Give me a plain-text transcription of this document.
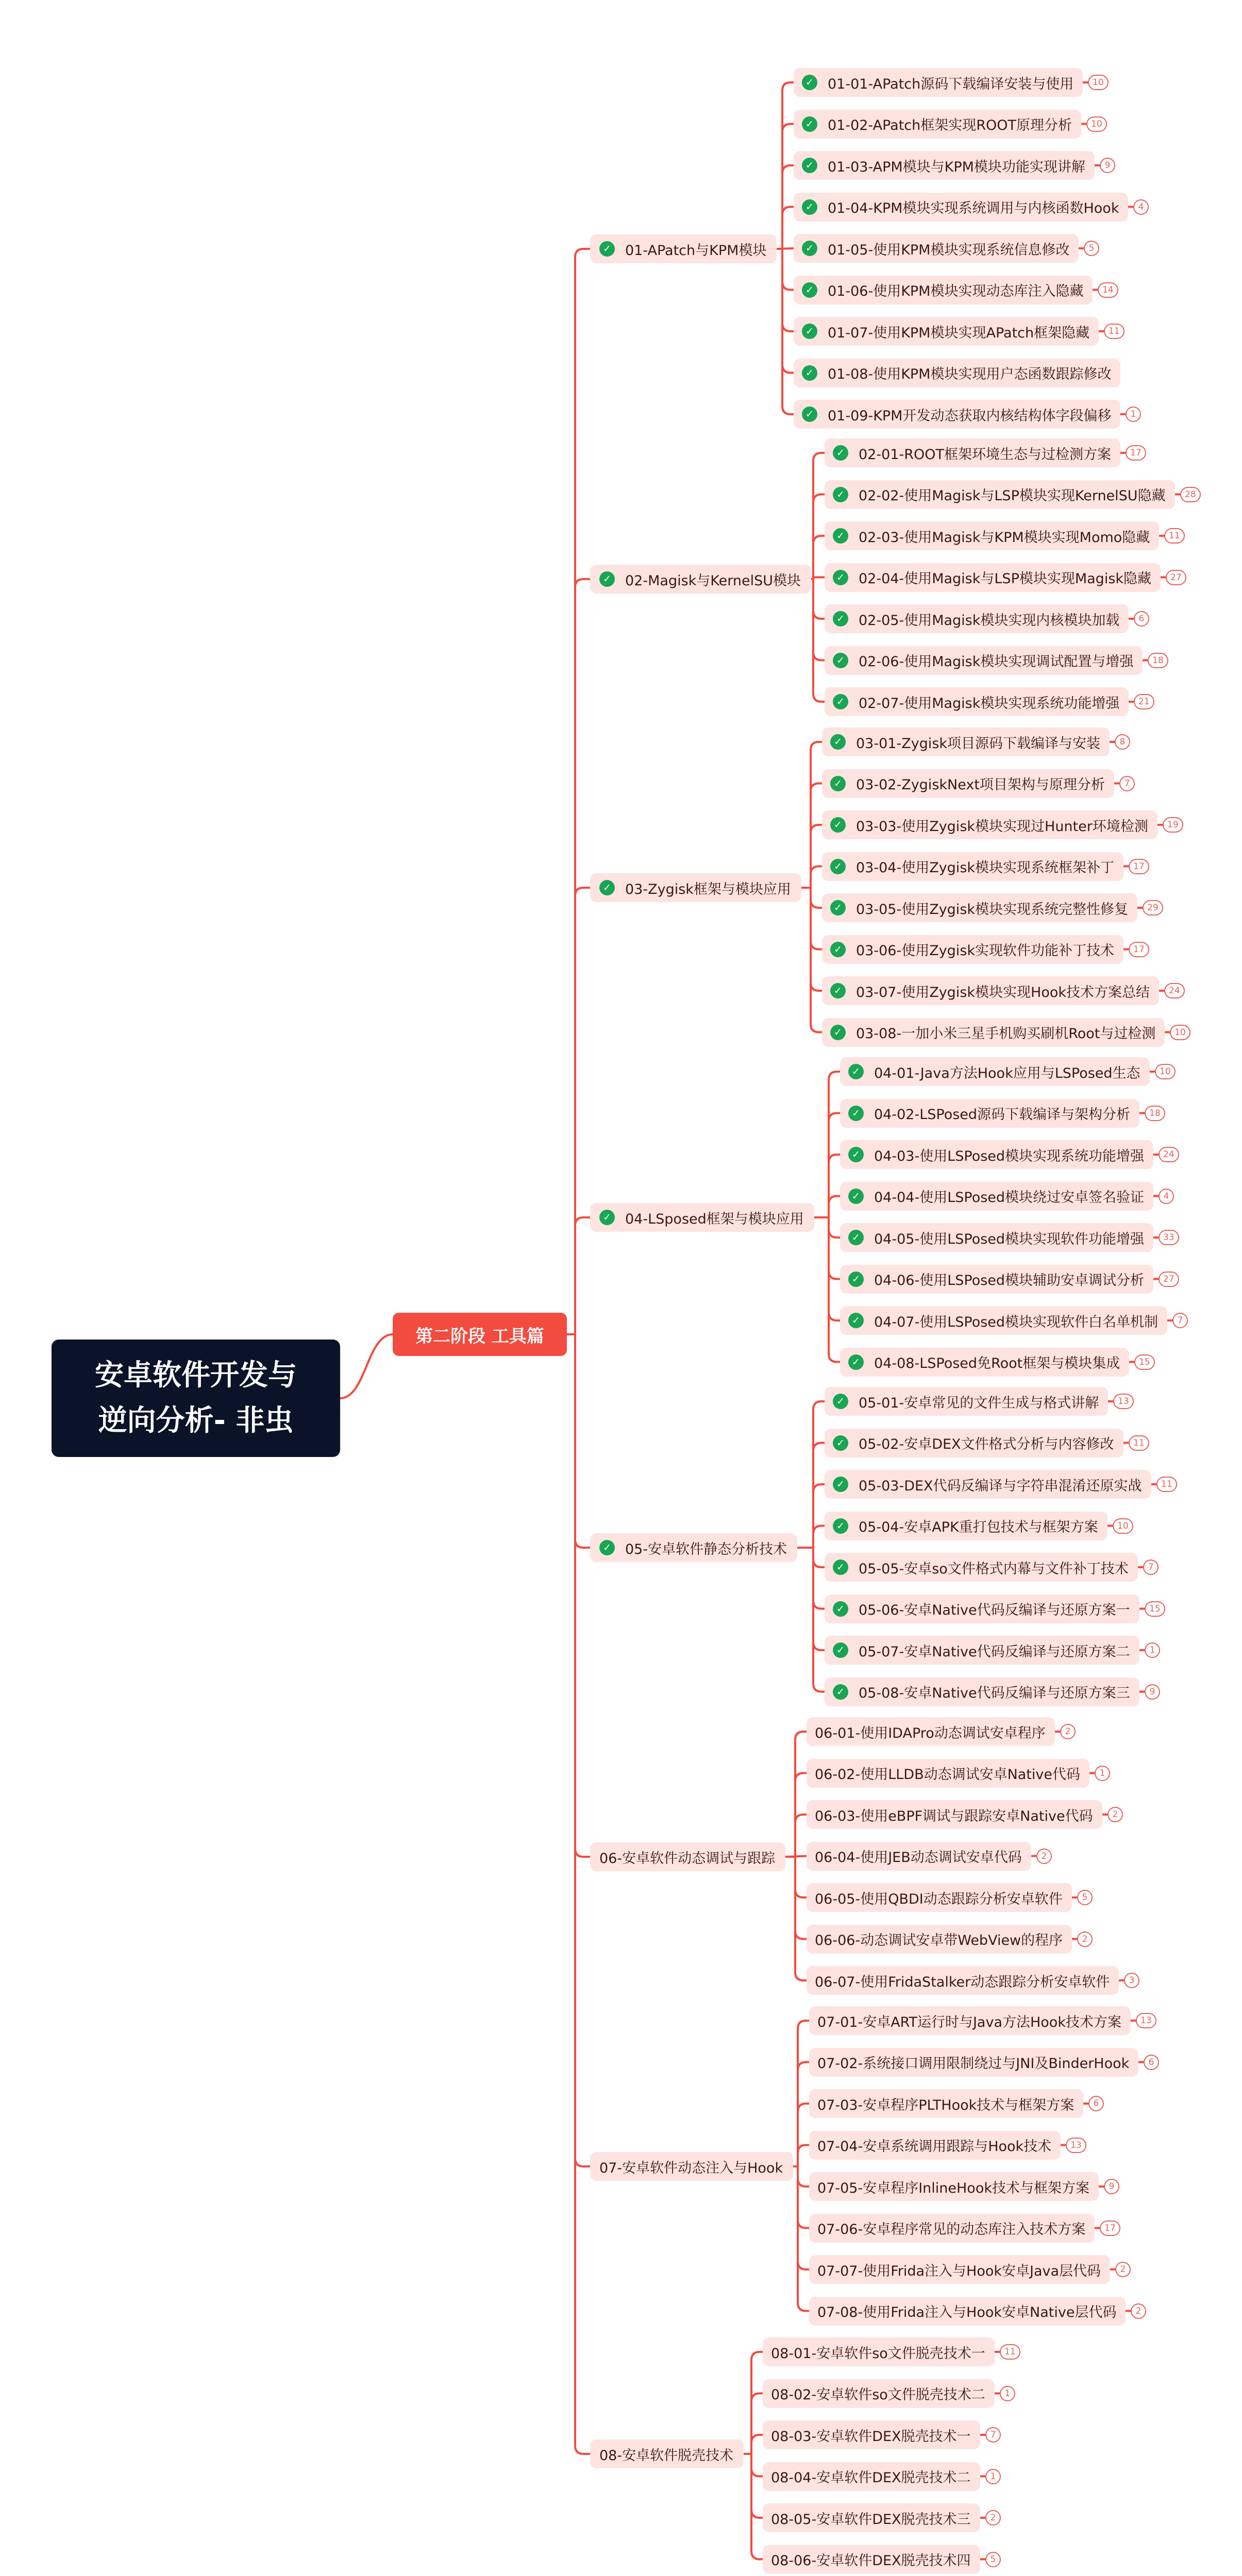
安卓软件开发与
逆向分析- 非虫
第二阶段 工具篇
✓ 01-APatch与KPM模块
✓ 01-01-APatch源码下载编译安装与使用	10
✓ 01-02-APatch框架实现ROOT原理分析	10
✓ 01-03-APM模块与KPM模块功能实现讲解	9
✓ 01-04-KPM模块实现系统调用与内核函数Hook	4
✓ 01-05-使用KPM模块实现系统信息修改	5
✓ 01-06-使用KPM模块实现动态库注入隐藏	14
✓ 01-07-使用KPM模块实现APatch框架隐藏	11
✓ 01-08-使用KPM模块实现用户态函数跟踪修改
✓ 01-09-KPM开发动态获取内核结构体字段偏移	1
✓ 02-Magisk与KernelSU模块
✓ 02-01-ROOT框架环境生态与过检测方案	17
✓ 02-02-使用Magisk与LSP模块实现KernelSU隐藏	28
✓ 02-03-使用Magisk与KPM模块实现Momo隐藏	11
✓ 02-04-使用Magisk与LSP模块实现Magisk隐藏	27
✓ 02-05-使用Magisk模块实现内核模块加载	6
✓ 02-06-使用Magisk模块实现调试配置与增强	18
✓ 02-07-使用Magisk模块实现系统功能增强	21
✓ 03-Zygisk框架与模块应用
✓ 03-01-Zygisk项目源码下载编译与安装	8
✓ 03-02-ZygiskNext项目架构与原理分析	7
✓ 03-03-使用Zygisk模块实现过Hunter环境检测	19
✓ 03-04-使用Zygisk模块实现系统框架补丁	17
✓ 03-05-使用Zygisk模块实现系统完整性修复	29
✓ 03-06-使用Zygisk实现软件功能补丁技术	17
✓ 03-07-使用Zygisk模块实现Hook技术方案总结	24
✓ 03-08-一加小米三星手机购买刷机Root与过检测	10
✓ 04-LSposed框架与模块应用
✓ 04-01-Java方法Hook应用与LSPosed生态	10
✓ 04-02-LSPosed源码下载编译与架构分析	18
✓ 04-03-使用LSPosed模块实现系统功能增强	24
✓ 04-04-使用LSPosed模块绕过安卓签名验证	4
✓ 04-05-使用LSPosed模块实现软件功能增强	33
✓ 04-06-使用LSPosed模块辅助安卓调试分析	27
✓ 04-07-使用LSPosed模块实现软件白名单机制	7
✓ 04-08-LSPosed免Root框架与模块集成	15
✓ 05-安卓软件静态分析技术
✓ 05-01-安卓常见的文件生成与格式讲解	13
✓ 05-02-安卓DEX文件格式分析与内容修改	11
✓ 05-03-DEX代码反编译与字符串混淆还原实战	11
✓ 05-04-安卓APK重打包技术与框架方案	10
✓ 05-05-安卓so文件格式内幕与文件补丁技术	7
✓ 05-06-安卓Native代码反编译与还原方案一	15
✓ 05-07-安卓Native代码反编译与还原方案二	1
✓ 05-08-安卓Native代码反编译与还原方案三	9
06-安卓软件动态调试与跟踪
06-01-使用IDAPro动态调试安卓程序	2
06-02-使用LLDB动态调试安卓Native代码	1
06-03-使用eBPF调试与跟踪安卓Native代码	2
06-04-使用JEB动态调试安卓代码	2
06-05-使用QBDI动态跟踪分析安卓软件	5
06-06-动态调试安卓带WebView的程序	2
06-07-使用FridaStalker动态跟踪分析安卓软件	3
07-安卓软件动态注入与Hook
07-01-安卓ART运行时与Java方法Hook技术方案	13
07-02-系统接口调用限制绕过与JNI及BinderHook	6
07-03-安卓程序PLTHook技术与框架方案	6
07-04-安卓系统调用跟踪与Hook技术	13
07-05-安卓程序InlineHook技术与框架方案	9
07-06-安卓程序常见的动态库注入技术方案	17
07-07-使用Frida注入与Hook安卓Java层代码	2
07-08-使用Frida注入与Hook安卓Native层代码	2
08-安卓软件脱壳技术
08-01-安卓软件so文件脱壳技术一	11
08-02-安卓软件so文件脱壳技术二	1
08-03-安卓软件DEX脱壳技术一	7
08-04-安卓软件DEX脱壳技术二	1
08-05-安卓软件DEX脱壳技术三	2
08-06-安卓软件DEX脱壳技术四	5
